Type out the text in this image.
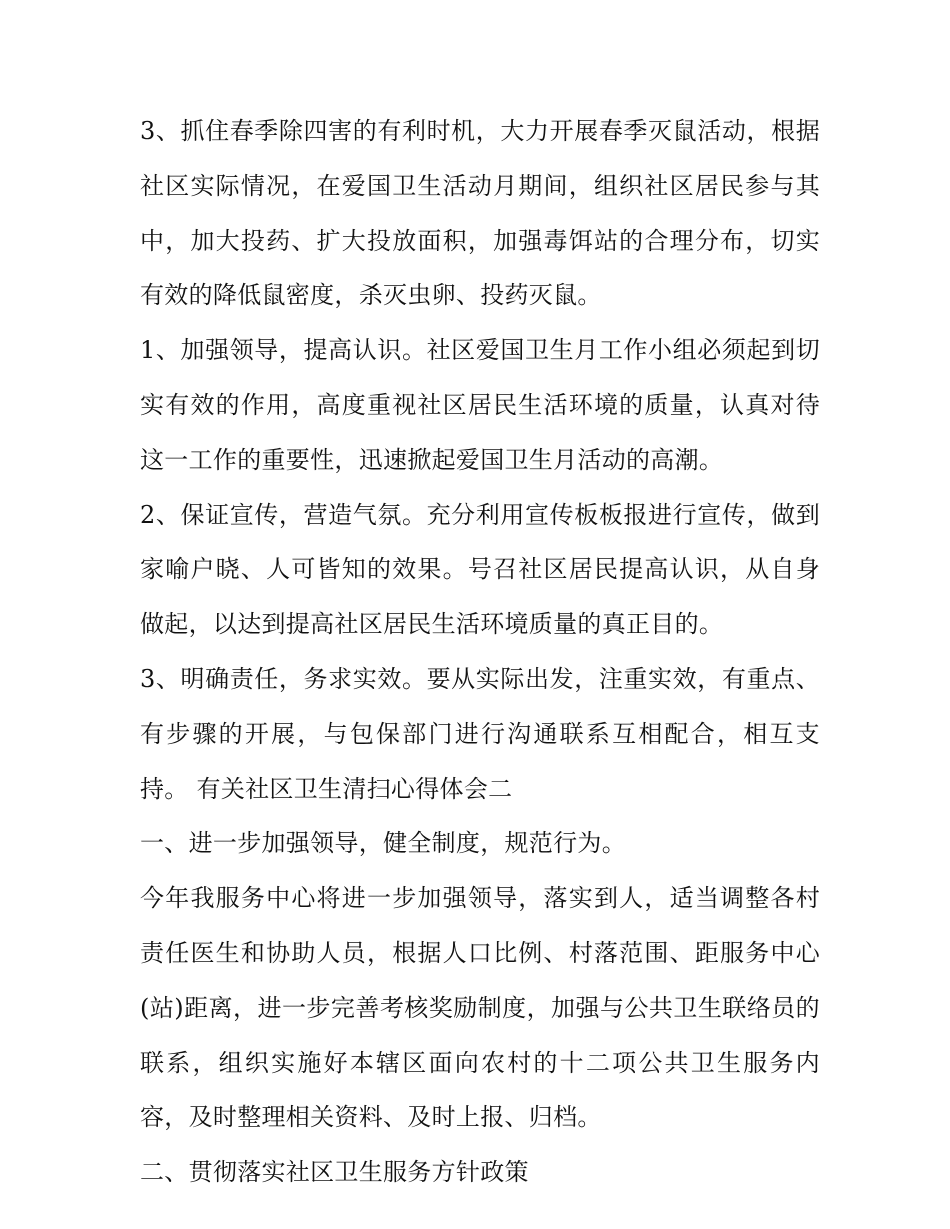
3、抓住春季除四害的有利时机，大力开展春季灭鼠活动，根据社区实际情况，在爱国卫生活动月期间，组织社区居民参与其中，加大投药、扩大投放面积，加强毒饵站的合理分布，切实有效的降低鼠密度，杀灭虫卵、投药灭鼠。

1、加强领导，提高认识。社区爱国卫生月工作小组必须起到切实有效的作用，高度重视社区居民生活环境的质量，认真对待这一工作的重要性，迅速掀起爱国卫生月活动的高潮。

2、保证宣传，营造气氛。充分利用宣传板板报进行宣传，做到家喻户晓、人可皆知的效果。号召社区居民提高认识，从自身做起，以达到提高社区居民生活环境质量的真正目的。

3、明确责任，务求实效。要从实际出发，注重实效，有重点、有步骤的开展，与包保部门进行沟通联系互相配合，相互支持。 有关社区卫生清扫心得体会二

一、进一步加强领导，健全制度，规范行为。

今年我服务中心将进一步加强领导，落实到人，适当调整各村责任医生和协助人员，根据人口比例、村落范围、距服务中心(站)距离，进一步完善考核奖励制度，加强与公共卫生联络员的联系，组织实施好本辖区面向农村的十二项公共卫生服务内容，及时整理相关资料、及时上报、归档。

二、贯彻落实社区卫生服务方针政策
